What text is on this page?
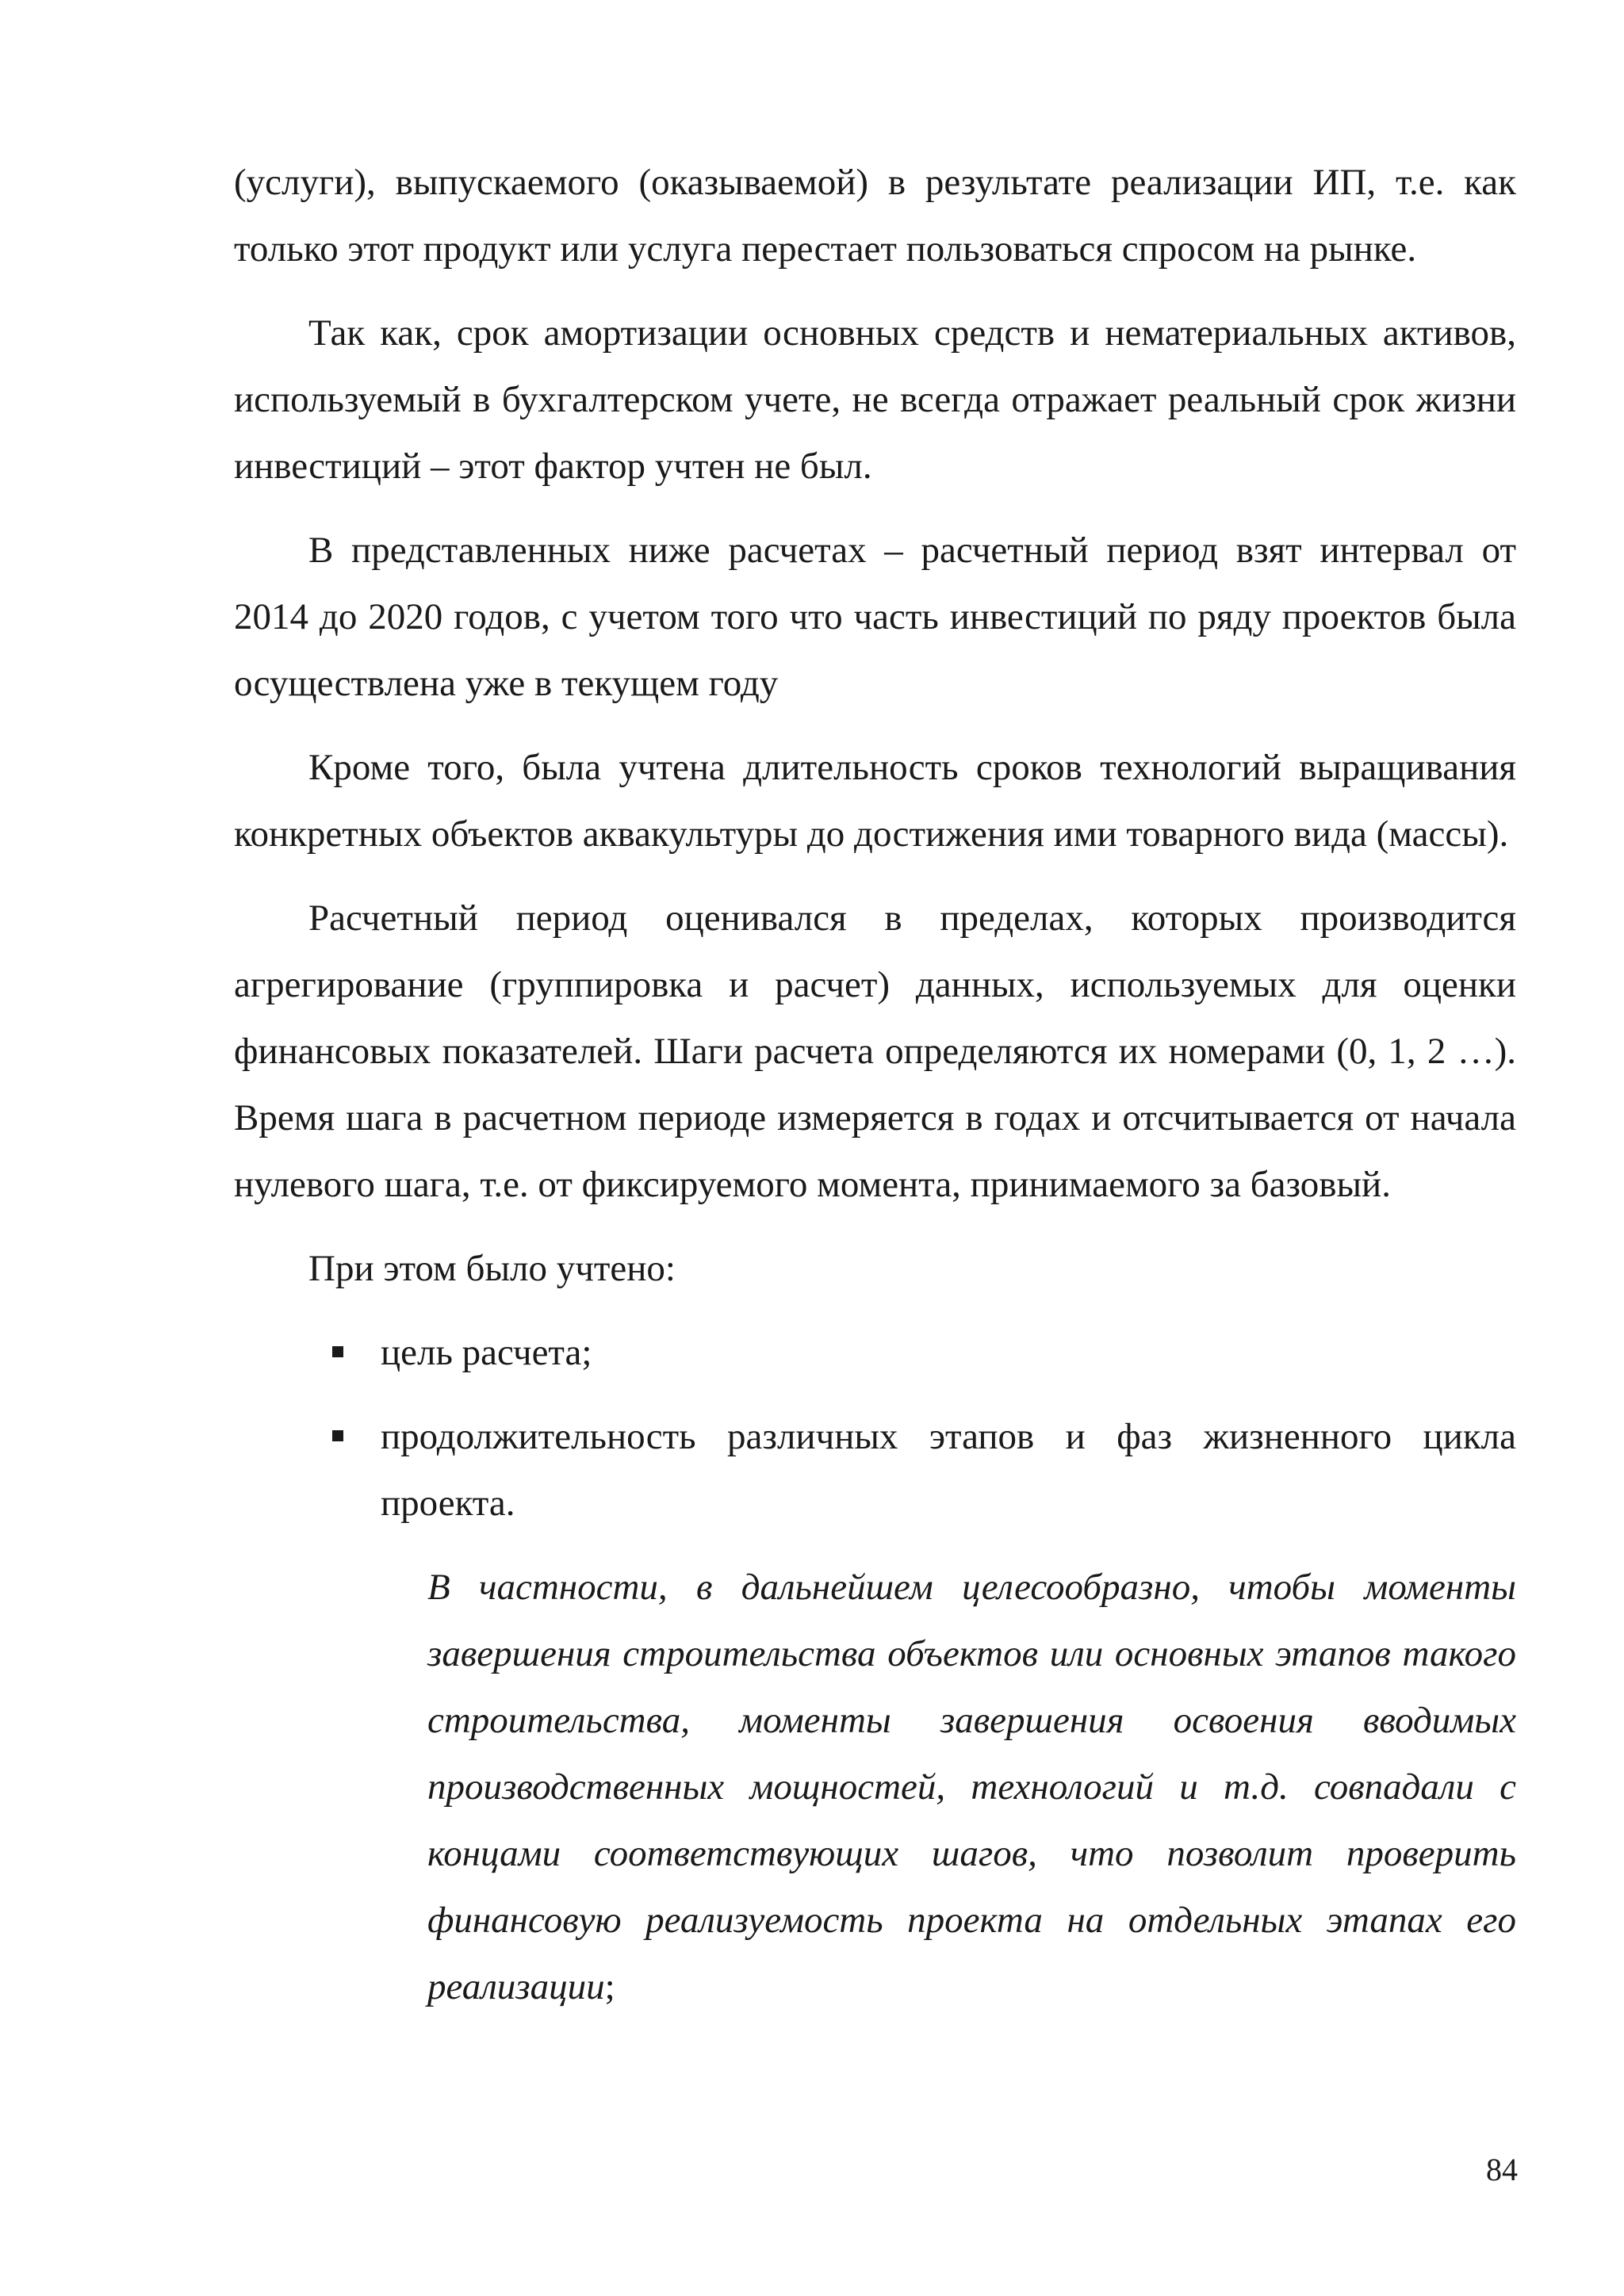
(услуги), выпускаемого (оказываемой) в результате реализации ИП, т.е. как только этот продукт или услуга перестает пользоваться спросом на рынке.

Так как, срок амортизации основных средств и нематериальных активов, используемый в бухгалтерском учете, не всегда отражает реальный срок жизни инвестиций – этот фактор учтен не был.

В представленных ниже расчетах – расчетный период взят интервал от 2014 до 2020 годов, с учетом того что часть инвестиций по ряду проектов была осуществлена уже в текущем году

Кроме того, была учтена длительность сроков технологий выращивания конкретных объектов аквакультуры до достижения ими товарного вида (массы).

Расчетный период оценивался в пределах, которых производится агрегирование (группировка и расчет) данных, используемых для оценки финансовых показателей. Шаги расчета определяются их номерами (0, 1, 2 …). Время шага в расчетном периоде измеряется в годах и отсчитывается от начала нулевого шага, т.е. от фиксируемого момента, принимаемого за базовый.

При этом было учтено:

цель расчета;
продолжительность различных этапов и фаз жизненного цикла проекта.
В частности, в дальнейшем целесообразно, чтобы моменты завершения строительства объектов или основных этапов такого строительства, моменты завершения освоения вводимых производственных мощностей, технологий и т.д. совпадали с концами соответствующих шагов, что позволит проверить финансовую реализуемость проекта на отдельных этапах его реализации;
84
